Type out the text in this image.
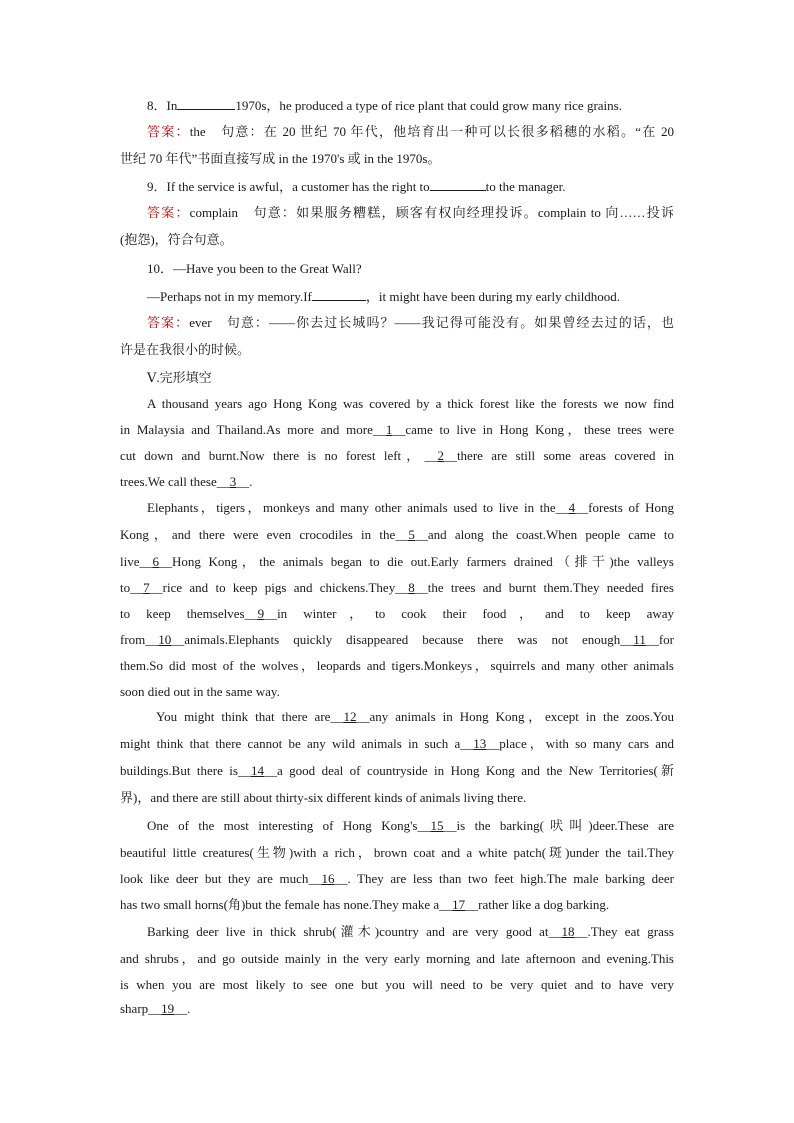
8．In	1970s，he produced a type of rice plant that could grow many rice grains.
答案：the　句意：在 20 世纪 70 年代，他培育出一种可以长很多稻穗的水稻。“在 20
世纪 70 年代”书面直接写成 in the 1970's 或 in the 1970s。
9．If the service is awful，a customer has the right to	to the manager.
答案：complain　句意：如果服务糟糕，顾客有权向经理投诉。complain to 向……投诉
(抱怨)，符合句意。
10．—Have you been to the Great Wall?
—Perhaps not in my memory.If	，it might have been during my early childhood.
答案：ever　句意：——你去过长城吗？——我记得可能没有。如果曾经去过的话，也
许是在我很小的时候。
Ⅴ.完形填空
A thousand years ago Hong Kong was covered by a thick forest like the forests we now find
in Malaysia and Thailand.As more and more__1__came to live in Hong Kong，these trees were
cut down and burnt.Now there is no forest left，__2__there are still some areas covered in
trees.We call these__3__.
Elephants，tigers，monkeys and many other animals used to live in the__4__forests of Hong
Kong，and there were even crocodiles in the__5__and along the coast.When people came to
live__6__Hong Kong，the animals began to die out.Early farmers drained（排干)the valleys
to__7__rice and to keep pigs and chickens.They__8__the trees and burnt them.They needed fires
to keep themselves__9__in winter，to cook their food，and to keep away
from__10__animals.Elephants quickly disappeared because there was not enough__11__for
them.So did most of the wolves，leopards and tigers.Monkeys，squirrels and many other animals
soon died out in the same way.
You might think that there are__12__any animals in Hong Kong，except in the zoos.You
might think that there cannot be any wild animals in such a__13__place，with so many cars and
buildings.But there is__14__a good deal of countryside in Hong Kong and the New Territories(新
界)，and there are still about thirty-six different kinds of animals living there.
One of the most interesting of Hong Kong's__15__is the barking(吠叫)deer.These are
beautiful little creatures(生物)with a rich，brown coat and a white patch(斑)under the tail.They
look like deer but they are much__16__. They are less than two feet high.The male barking deer
has two small horns(角)but the female has none.They make a__17__rather like a dog barking.
Barking deer live in thick shrub(灌木)country and are very good at__18__.They eat grass
and shrubs，and go outside mainly in the very early morning and late afternoon and evening.This
is when you are most likely to see one but you will need to be very quiet and to have very
sharp__19__.
